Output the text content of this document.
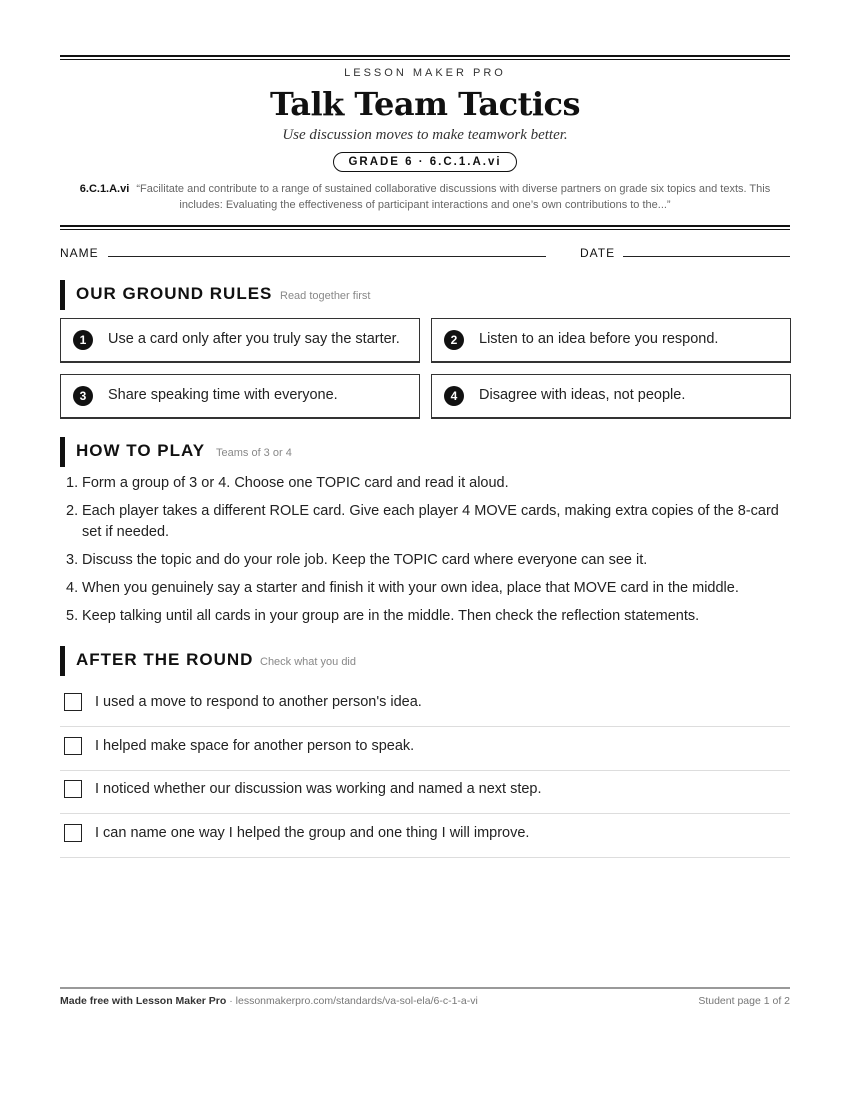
LESSON MAKER PRO
Talk Team Tactics
Use discussion moves to make teamwork better.
GRADE 6 · 6.C.1.A.vi
6.C.1.A.vi “Facilitate and contribute to a range of sustained collaborative discussions with diverse partners on grade six topics and texts. This includes: Evaluating the effectiveness of participant interactions and one’s own contributions to the...”
NAME	DATE
OUR GROUND RULES Read together first
1	Use a card only after you truly say the starter.	2	Listen to an idea before you respond.
3	Share speaking time with everyone.	4	Disagree with ideas, not people.
HOW TO PLAY Teams of 3 or 4
1. Form a group of 3 or 4. Choose one TOPIC card and read it aloud.
2. Each player takes a different ROLE card. Give each player 4 MOVE cards, making extra copies of the 8-card set if needed.
3. Discuss the topic and do your role job. Keep the TOPIC card where everyone can see it.
4. When you genuinely say a starter and finish it with your own idea, place that MOVE card in the middle.
5. Keep talking until all cards in your group are in the middle. Then check the reflection statements.
AFTER THE ROUND Check what you did
I used a move to respond to another person's idea.
I helped make space for another person to speak.
I noticed whether our discussion was working and named a next step.
I can name one way I helped the group and one thing I will improve.
Made free with Lesson Maker Pro · lessonmakerpro.com/standards/va-sol-ela/6-c-1-a-vi	Student page 1 of 2
